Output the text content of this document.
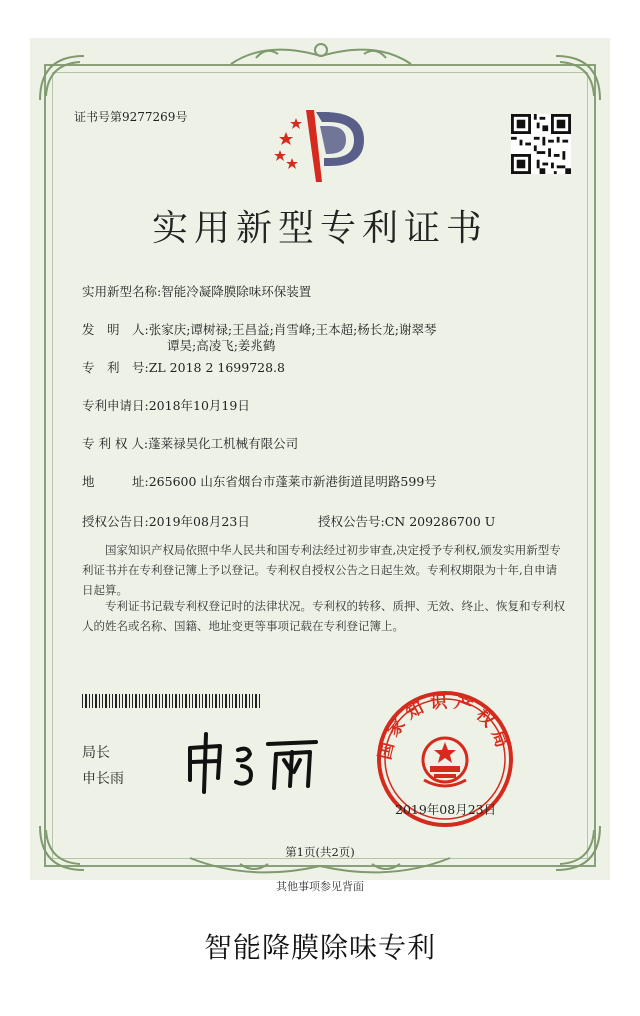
证书号第9277269号
实用新型专利证书
实用新型名称:智能冷凝降膜除味环保装置
发　明　人:张家庆;谭树禄;王昌益;肖雪峰;王本超;杨长龙;谢翠琴
谭昊;高凌飞;姜兆鹤
专　利　号:ZL 2018 2 1699728.8
专利申请日:2018年10月19日
专 利 权 人:蓬莱禄昊化工机械有限公司
地　　　址:265600 山东省烟台市蓬莱市新港街道昆明路599号
授权公告日:2019年08月23日	授权公告号:CN 209286700 U
国家知识产权局依照中华人民共和国专利法经过初步审查,决定授予专利权,颁发实用新型专利证书并在专利登记簿上予以登记。专利权自授权公告之日起生效。专利权期限为十年,自申请日起算。
专利证书记载专利权登记时的法律状况。专利权的转移、质押、无效、终止、恢复和专利权人的姓名或名称、国籍、地址变更等事项记载在专利登记簿上。
局长
申长雨
国家知识产权局
2019年08月23日
第1页(共2页)
其他事项参见背面
智能降膜除味专利
